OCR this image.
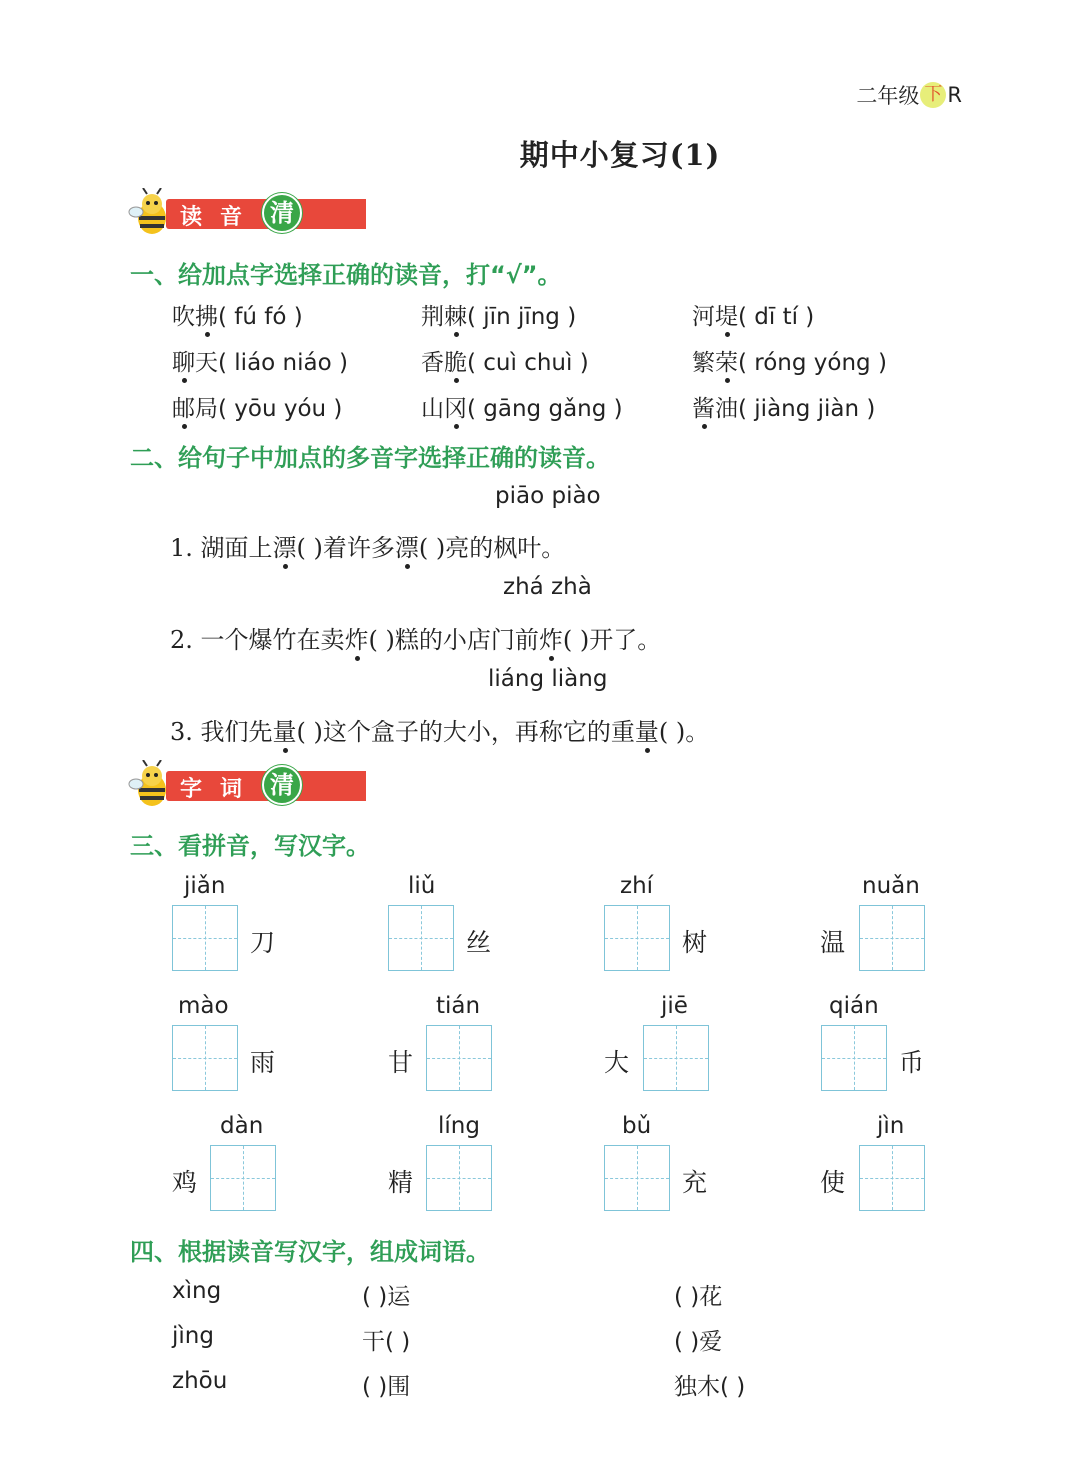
二年级 下 R
期中小复习(1)
读音 清
一、给加点字选择正确的读音，打“√”。
吹拂( fú fó )	荆棘( jīn jīng )	河堤( dī tí )
聊天( liáo niáo )	香脆( cuì chuì )	繁荣( róng yóng )
邮局( yōu yóu )	山冈( gāng gǎng )	酱油( jiàng jiàn )
二、给句子中加点的多音字选择正确的读音。
piāo piào
1. 湖面上漂( )着许多漂( )亮的枫叶。
zhá zhà
2. 一个爆竹在卖炸( )糕的小店门前炸( )开了。
liáng liàng
3. 我们先量( )这个盒子的大小，再称它的重量( )。
字词 清
三、看拼音，写汉字。
jiǎn
刀
liǔ
丝
zhí
树
nuǎn
温
mào
雨
tián
甘
jiē
大
qián
币
dàn
鸡
líng
精
bǔ
充
jìn
使
四、根据读音写汉字，组成词语。
xìng	( )运	( )花
jìng	干( )	( )爱
zhōu	( )围	独木( )
